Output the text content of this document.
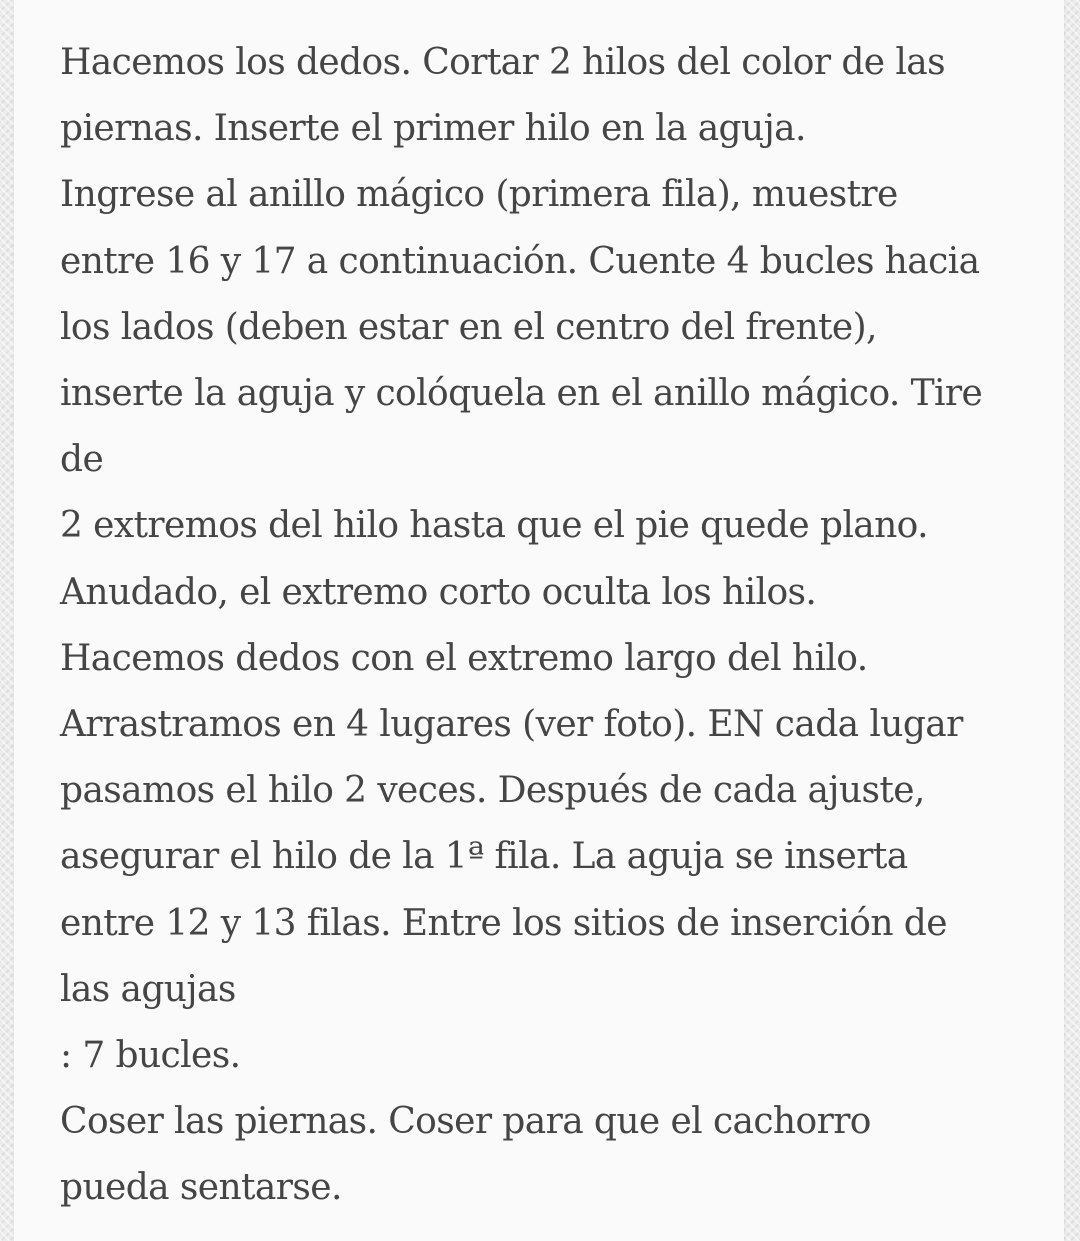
Hacemos los dedos. Cortar 2 hilos del color de las
piernas. Inserte el primer hilo en la aguja.
Ingrese al anillo mágico (primera fila), muestre
entre 16 y 17 a continuación. Cuente 4 bucles hacia
los lados (deben estar en el centro del frente),
inserte la aguja y colóquela en el anillo mágico. Tire
de
2 extremos del hilo hasta que el pie quede plano.
Anudado, el extremo corto oculta los hilos.
Hacemos dedos con el extremo largo del hilo.
Arrastramos en 4 lugares (ver foto). EN cada lugar
pasamos el hilo 2 veces. Después de cada ajuste,
asegurar el hilo de la 1ª fila. La aguja se inserta
entre 12 y 13 filas. Entre los sitios de inserción de
las agujas
: 7 bucles.
Coser las piernas. Coser para que el cachorro
pueda sentarse.
